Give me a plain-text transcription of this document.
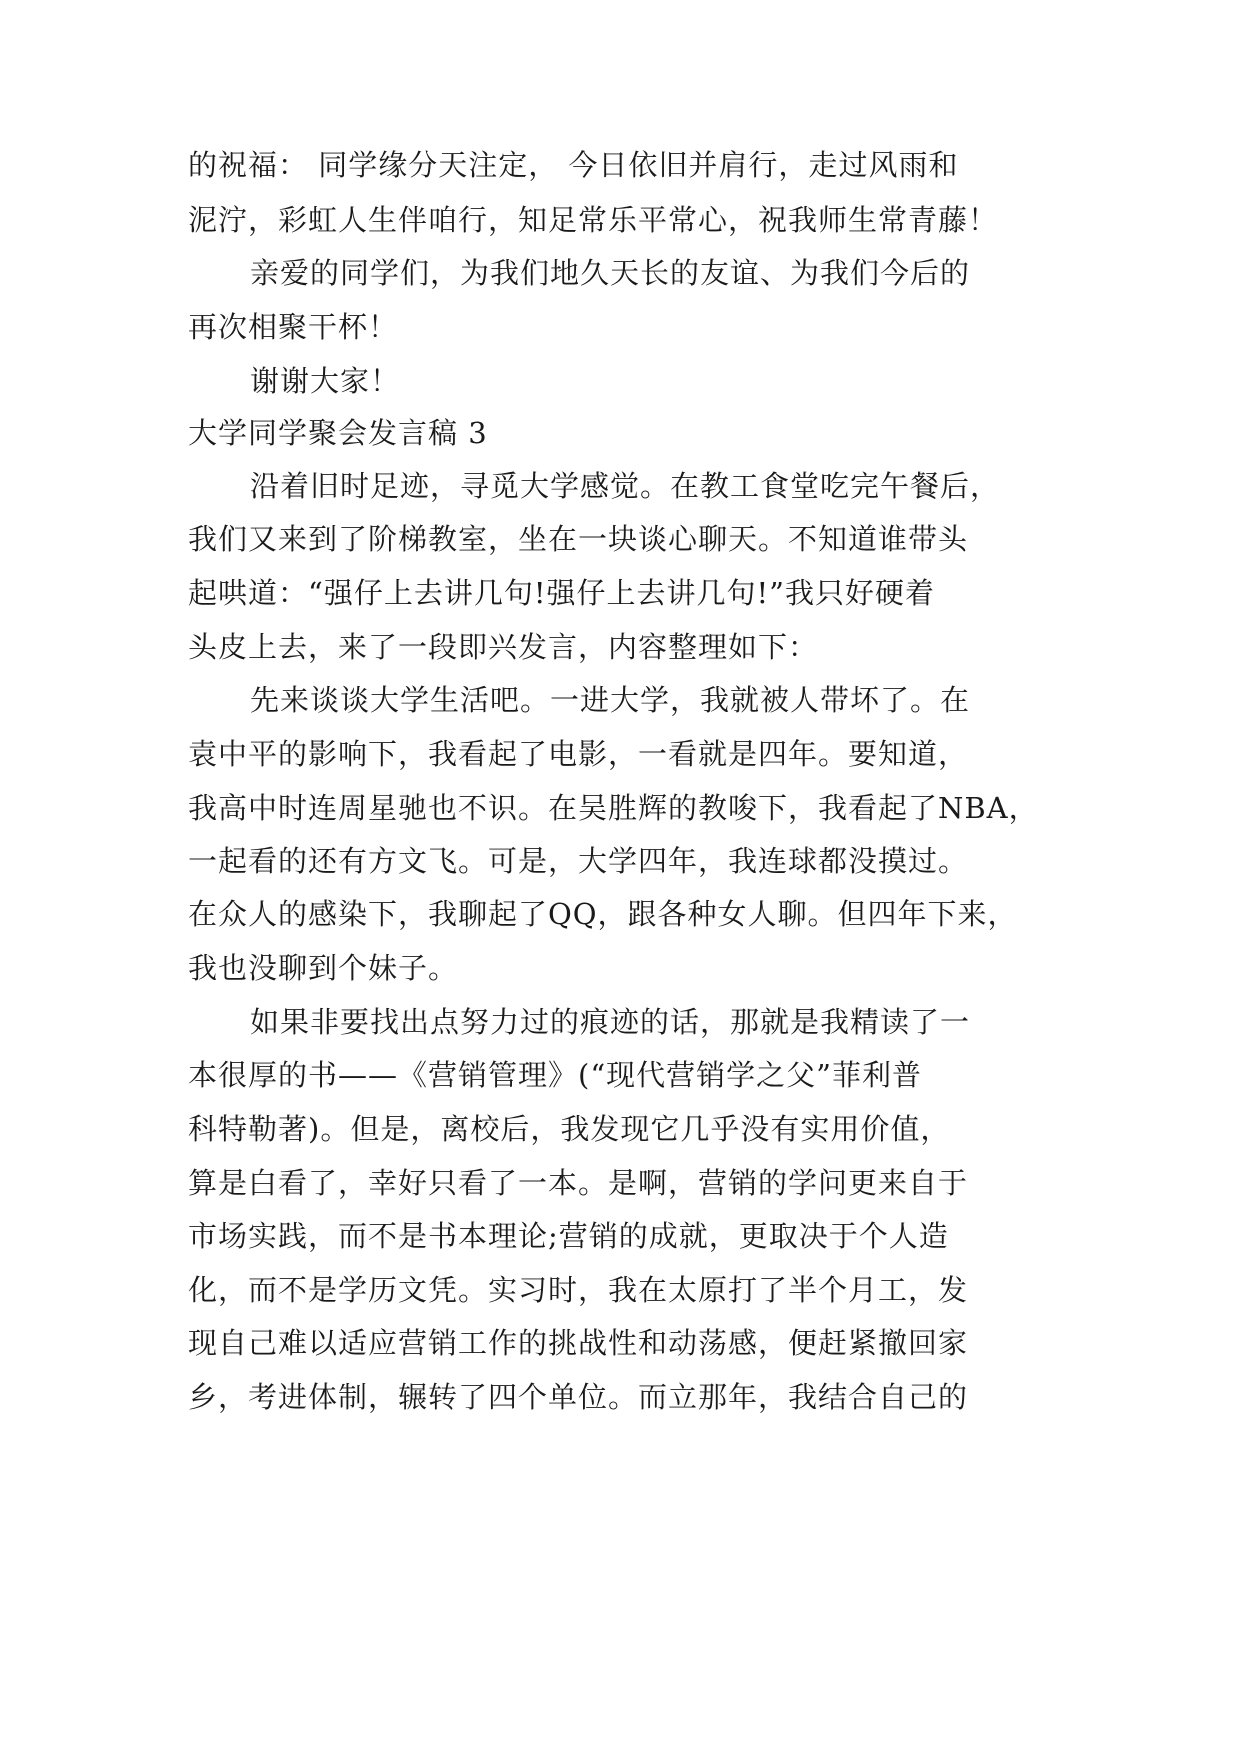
的祝福： 同学缘分天注定， 今日依旧并肩行，走过风雨和
泥泞，彩虹人生伴咱行，知足常乐平常心，祝我师生常青藤！
亲爱的同学们，为我们地久天长的友谊、为我们今后的
再次相聚干杯！
谢谢大家！
大学同学聚会发言稿 3
沿着旧时足迹，寻觅大学感觉。在教工食堂吃完午餐后，
我们又来到了阶梯教室，坐在一块谈心聊天。不知道谁带头
起哄道：“强仔上去讲几句!强仔上去讲几句!”我只好硬着
头皮上去，来了一段即兴发言，内容整理如下：
先来谈谈大学生活吧。一进大学，我就被人带坏了。在
袁中平的影响下，我看起了电影，一看就是四年。要知道，
我高中时连周星驰也不识。在吴胜辉的教唆下，我看起了NBA，
一起看的还有方文飞。可是，大学四年，我连球都没摸过。
在众人的感染下，我聊起了QQ，跟各种女人聊。但四年下来，
我也没聊到个妹子。
如果非要找出点努力过的痕迹的话，那就是我精读了一
本很厚的书——《营销管理》(“现代营销学之父”菲利普
科特勒著)。但是，离校后，我发现它几乎没有实用价值，
算是白看了，幸好只看了一本。是啊，营销的学问更来自于
市场实践，而不是书本理论;营销的成就，更取决于个人造
化，而不是学历文凭。实习时，我在太原打了半个月工，发
现自己难以适应营销工作的挑战性和动荡感，便赶紧撤回家
乡，考进体制，辗转了四个单位。而立那年，我结合自己的
